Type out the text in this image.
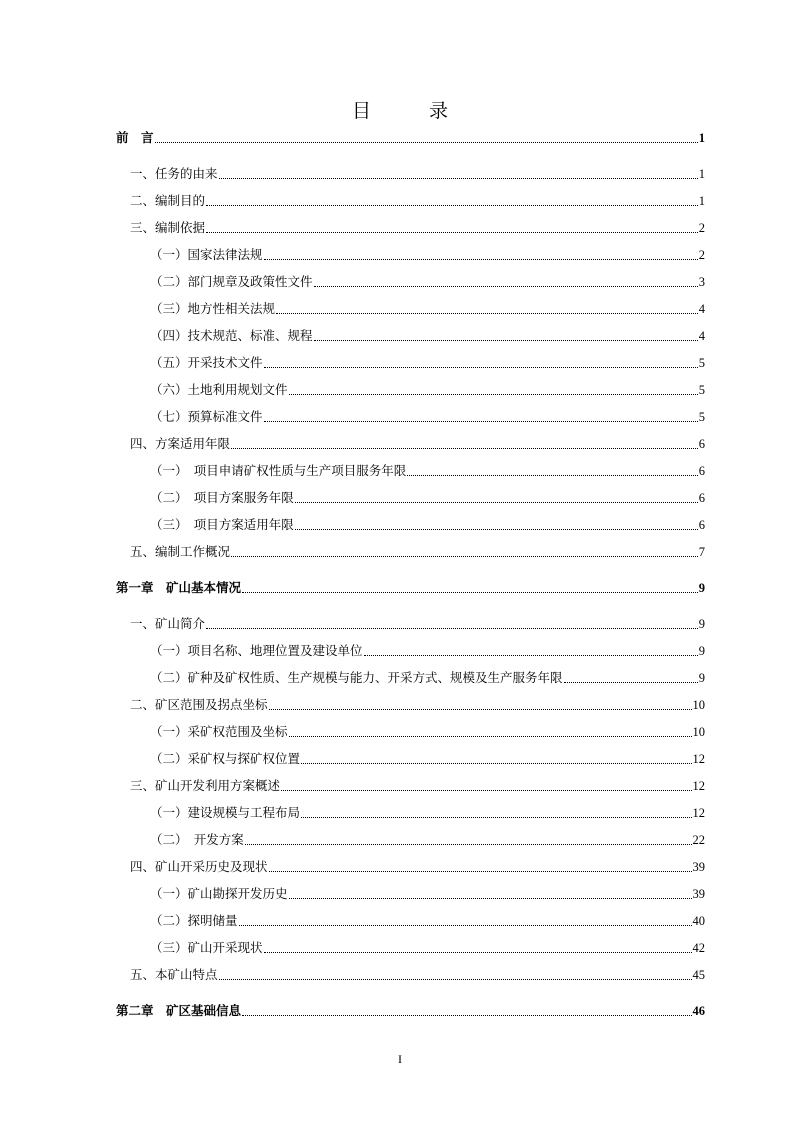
目 录
前　言	1
一、任务的由来	1
二、编制目的	1
三、编制依据	2
（一）国家法律法规	2
（二）部门规章及政策性文件	3
（三）地方性相关法规	4
（四）技术规范、标准、规程	4
（五）开采技术文件	5
（六）土地利用规划文件	5
（七）预算标准文件	5
四、方案适用年限	6
（一）　项目申请矿权性质与生产项目服务年限	6
（二）　项目方案服务年限	6
（三）　项目方案适用年限	6
五、编制工作概况	7
第一章　矿山基本情况	9
一、矿山简介	9
（一）项目名称、地理位置及建设单位	9
（二）矿种及矿权性质、生产规模与能力、开采方式、规模及生产服务年限	9
二、矿区范围及拐点坐标	10
（一）采矿权范围及坐标	10
（二）采矿权与探矿权位置	12
三、矿山开发利用方案概述	12
（一）建设规模与工程布局	12
（二）　开发方案	22
四、矿山开采历史及现状	39
（一）矿山勘探开发历史	39
（二）探明储量	40
（三）矿山开采现状	42
五、本矿山特点	45
第二章　矿区基础信息	46
I
